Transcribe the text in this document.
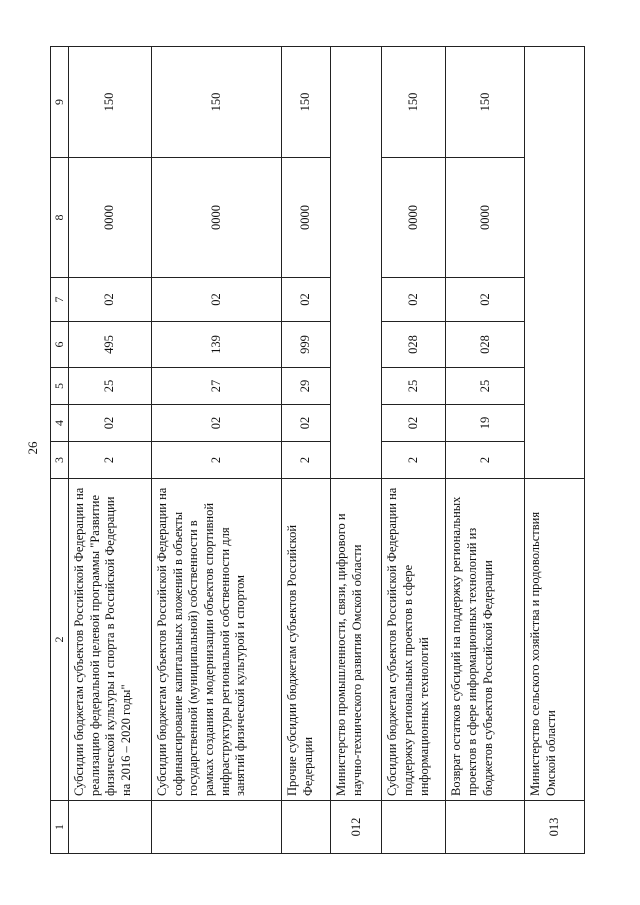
26
1	2	3	4	5	6	7	8	9
	Субсидии бюджетам субъектов Российской Федерации на реализацию федеральной целевой программы "Развитие физической культуры и спорта в Российской Федерации на 2016 – 2020 годы"	2	02	25	495	02	0000	150
	Субсидии бюджетам субъектов Российской Федерации на софинансирование капитальных вложений в объекты государственной (муниципальной) собственности в рамках создания и модернизации объектов спортивной инфраструктуры региональной собственности для занятий физической культурой и спортом	2	02	27	139	02	0000	150
	Прочие субсидии бюджетам субъектов Российской Федерации	2	02	29	999	02	0000	150
012	Министерство промышленности, связи, цифрового и научно-технического развития Омской области							
	Субсидии бюджетам субъектов Российской Федерации на поддержку региональных проектов в сфере информационных технологий	2	02	25	028	02	0000	150
	Возврат остатков субсидий на поддержку региональных проектов в сфере информационных технологий из бюджетов субъектов Российской Федерации	2	19	25	028	02	0000	150
013	Министерство сельского хозяйства и продовольствия Омской области							
